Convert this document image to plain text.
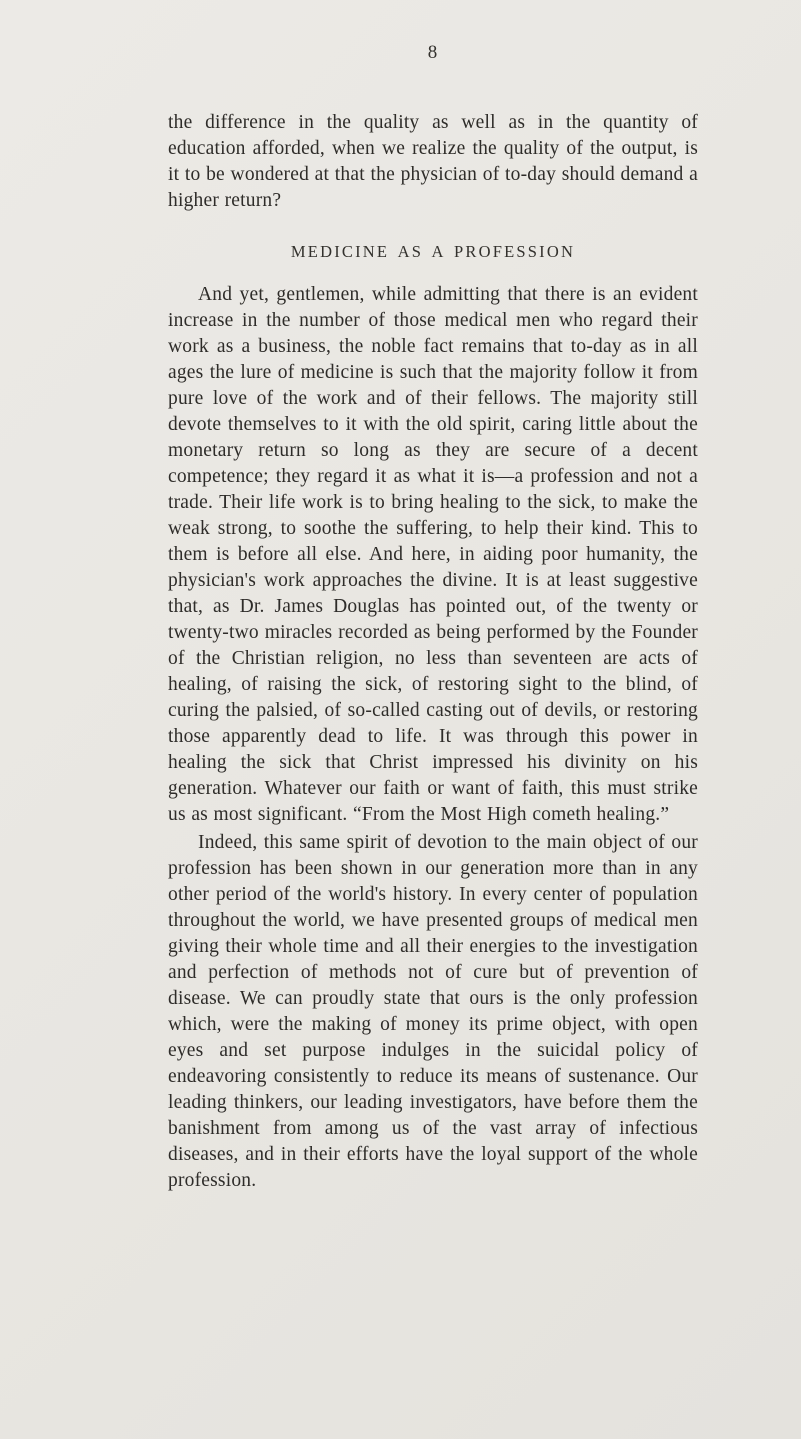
8

the difference in the quality as well as in the quantity of education afforded, when we realize the quality of the output, is it to be wondered at that the physician of to-day should demand a higher return?

MEDICINE AS A PROFESSION

And yet, gentlemen, while admitting that there is an evident increase in the number of those medical men who regard their work as a business, the noble fact remains that to-day as in all ages the lure of medicine is such that the majority follow it from pure love of the work and of their fellows. The majority still devote themselves to it with the old spirit, caring little about the monetary return so long as they are secure of a decent competence; they regard it as what it is—a profession and not a trade. Their life work is to bring healing to the sick, to make the weak strong, to soothe the suffering, to help their kind. This to them is before all else. And here, in aiding poor humanity, the physician's work approaches the divine. It is at least suggestive that, as Dr. James Douglas has pointed out, of the twenty or twenty-two miracles recorded as being performed by the Founder of the Christian religion, no less than seventeen are acts of healing, of raising the sick, of restoring sight to the blind, of curing the palsied, of so-called casting out of devils, or restoring those apparently dead to life. It was through this power in healing the sick that Christ impressed his divinity on his generation. Whatever our faith or want of faith, this must strike us as most significant. “From the Most High cometh healing.”

Indeed, this same spirit of devotion to the main object of our profession has been shown in our generation more than in any other period of the world's history. In every center of population throughout the world, we have presented groups of medical men giving their whole time and all their energies to the investigation and perfection of methods not of cure but of prevention of disease. We can proudly state that ours is the only profession which, were the making of money its prime object, with open eyes and set purpose indulges in the suicidal policy of endeavoring consistently to reduce its means of sustenance. Our leading thinkers, our leading investigators, have before them the banishment from among us of the vast array of infectious diseases, and in their efforts have the loyal support of the whole profession.
